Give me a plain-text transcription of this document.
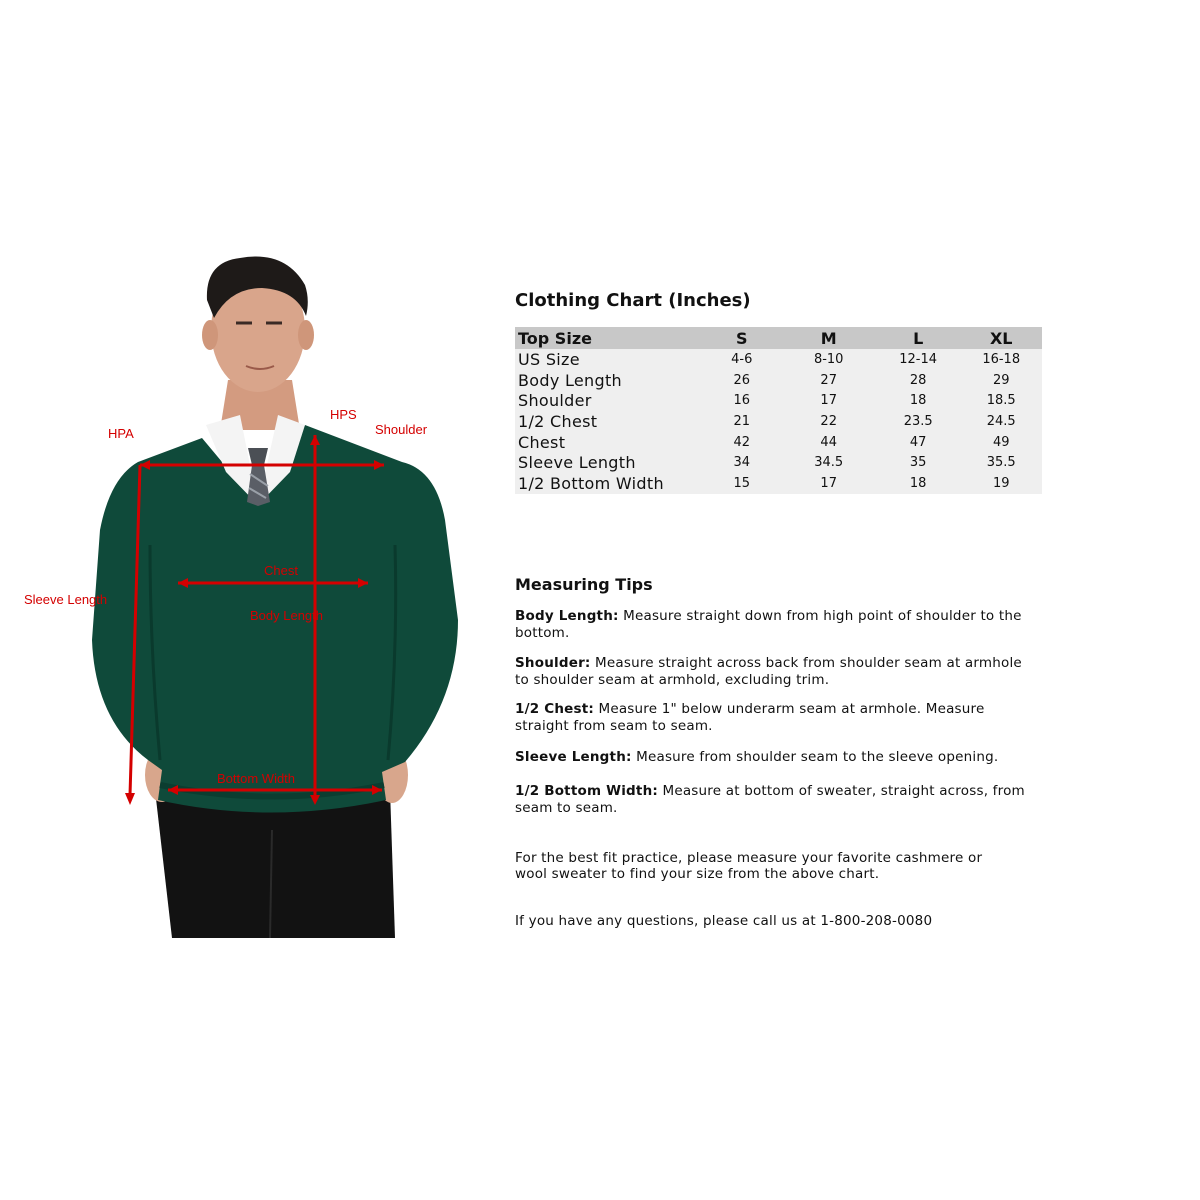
HPA
HPS
Shoulder
Sleeve Length
Chest
Body Length
Bottom Width
Clothing Chart (Inches)
Top Size	S	M	L	XL
US Size	4-6	8-10	12-14	16-18
Body Length	26	27	28	29
Shoulder	16	17	18	18.5
1/2 Chest	21	22	23.5	24.5
Chest	42	44	47	49
Sleeve Length	34	34.5	35	35.5
1/2 Bottom Width	15	17	18	19
Measuring Tips

Body Length: Measure straight down from high point of shoulder to the bottom.

Shoulder: Measure straight across back from shoulder seam at armhole to shoulder seam at armhold, excluding trim.

1/2 Chest: Measure 1" below underarm seam at armhole. Measure straight from seam to seam.

Sleeve Length: Measure from shoulder seam to the sleeve opening.

1/2 Bottom Width: Measure at bottom of sweater, straight across, from seam to seam.

For the best fit practice, please measure your favorite cashmere or wool sweater to find your size from the above chart.

If you have any questions, please call us at 1-800-208-0080
